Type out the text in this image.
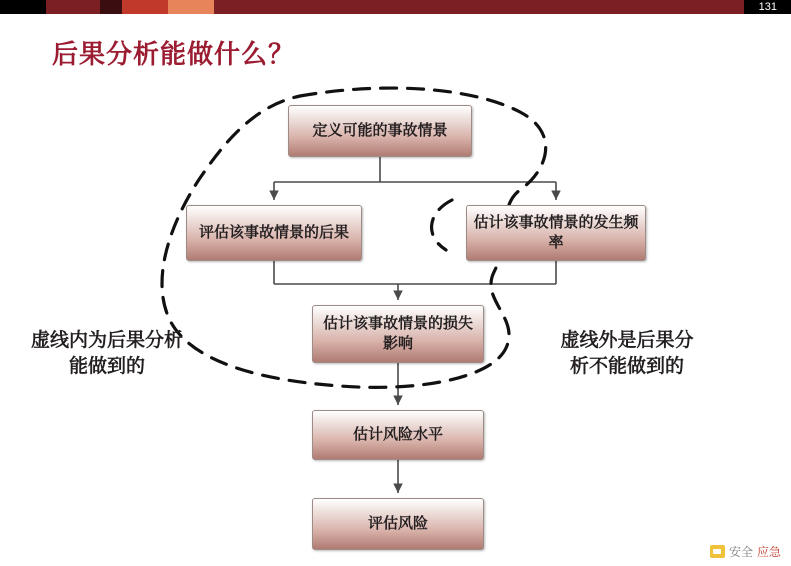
131
后果分析能做什么？
定义可能的事故情景
评估该事故情景的后果
估计该事故情景的发生频率
估计该事故情景的损失影响
估计风险水平
评估风险
虚线内为后果分析能做到的
虚线外是后果分析不能做到的
安全 应急
